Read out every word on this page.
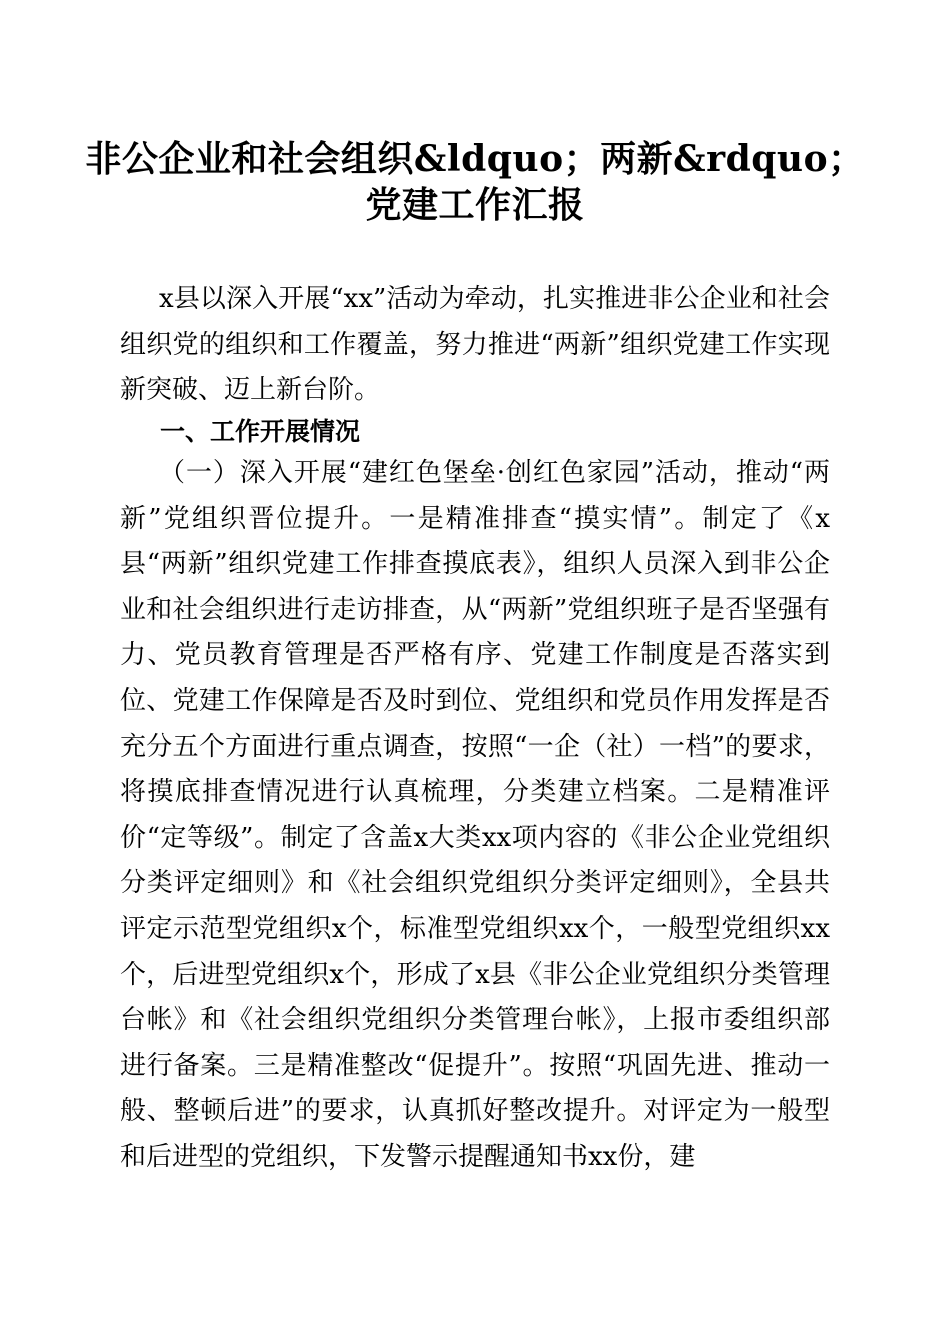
非公企业和社会组织&ldquo；两新&rdquo；
党建工作汇报

x县以深入开展“xx”活动为牵动，扎实推进非公企业和社会组织党的组织和工作覆盖，努力推进“两新”组织党建工作实现新突破、迈上新台阶。

一、工作开展情况

（一）深入开展“建红色堡垒·创红色家园”活动，推动“两新”党组织晋位提升。一是精准排查“摸实情”。制定了《x县“两新”组织党建工作排查摸底表》，组织人员深入到非公企业和社会组织进行走访排查，从“两新”党组织班子是否坚强有力、党员教育管理是否严格有序、党建工作制度是否落实到位、党建工作保障是否及时到位、党组织和党员作用发挥是否充分五个方面进行重点调查，按照“一企（社）一档”的要求，将摸底排查情况进行认真梳理，分类建立档案。二是精准评价“定等级”。制定了含盖x大类xx项内容的《非公企业党组织分类评定细则》和《社会组织党组织分类评定细则》，全县共评定示范型党组织x个，标准型党组织xx个，一般型党组织xx个，后进型党组织x个，形成了x县《非公企业党组织分类管理台帐》和《社会组织党组织分类管理台帐》，上报市委组织部进行备案。三是精准整改“促提升”。按照“巩固先进、推动一般、整顿后进”的要求，认真抓好整改提升。对评定为一般型和后进型的党组织，下发警示提醒通知书xx份，建
